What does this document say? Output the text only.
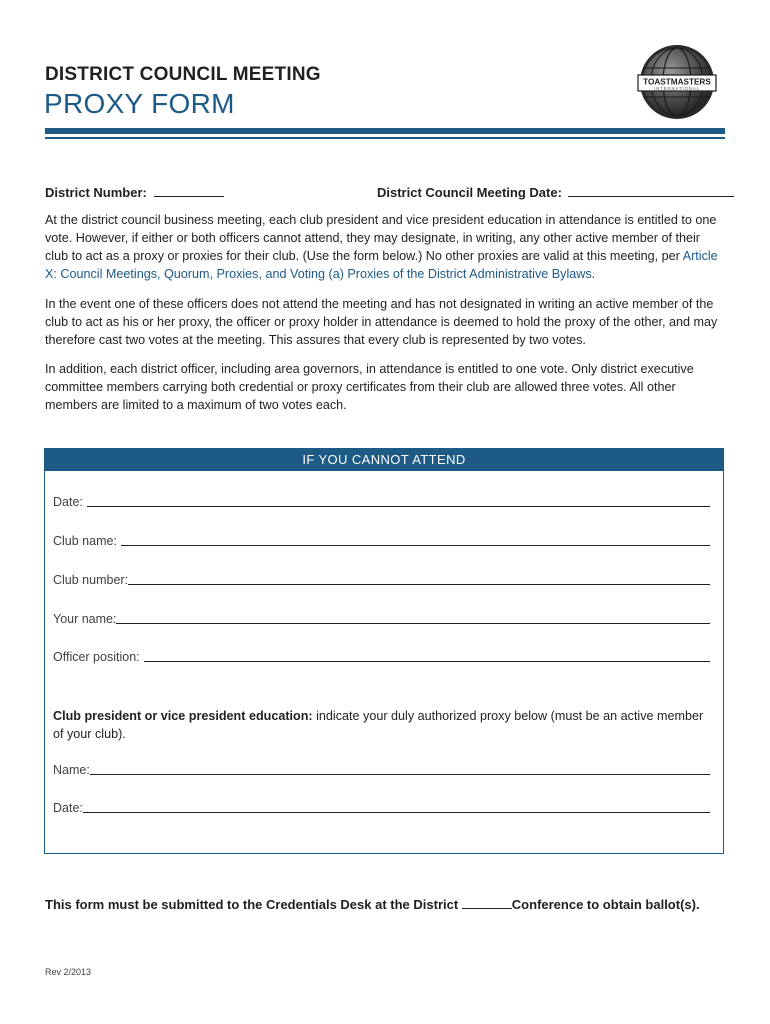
DISTRICT COUNCIL MEETING
PROXY FORM
TOASTMASTERS
INTERNATIONAL
District Number:	District Council Meeting Date:

At the district council business meeting, each club president and vice president education in attendance is entitled to one vote. However, if either or both officers cannot attend, they may designate, in writing, any other active member of their club to act as a proxy or proxies for their club. (Use the form below.) No other proxies are valid at this meeting, per Article X: Council Meetings, Quorum, Proxies, and Voting (a) Proxies of the District Administrative Bylaws.

In the event one of these officers does not attend the meeting and has not designated in writing an active member of the club to act as his or her proxy, the officer or proxy holder in attendance is deemed to hold the proxy of the other, and may therefore cast two votes at the meeting. This assures that every club is represented by two votes.

In addition, each district officer, including area governors, in attendance is entitled to one vote. Only district executive committee members carrying both credential or proxy certificates from their club are allowed three votes. All other members are limited to a maximum of two votes each.

IF YOU CANNOT ATTEND
Date:
Club name:
Club number:
Your name:
Officer position:

Club president or vice president education: indicate your duly authorized proxy below (must be an active member of your club).

Name:
Date:
This form must be submitted to the Credentials Desk at the District	Conference to obtain ballot(s).
Rev 2/2013
